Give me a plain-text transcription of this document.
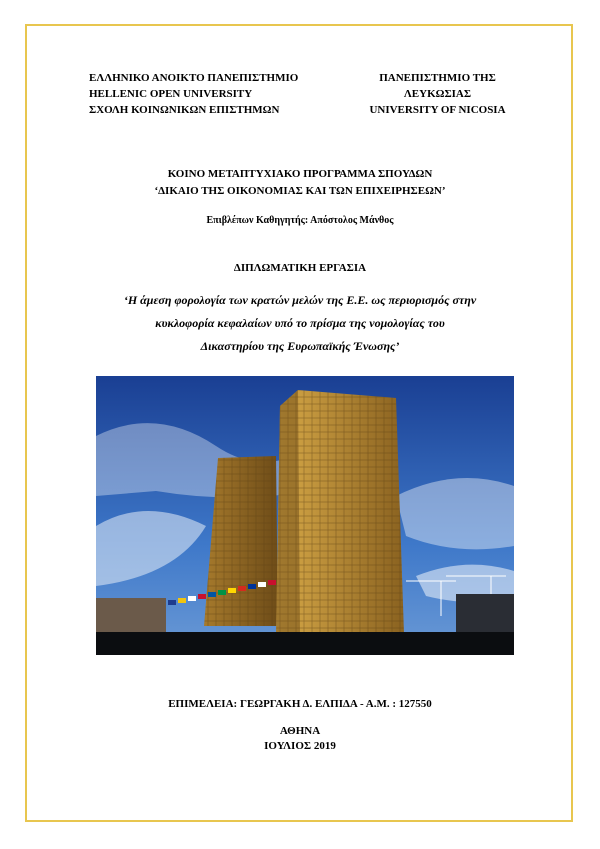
ΕΛΛΗΝΙΚΟ ΑΝΟΙΚΤΟ ΠΑΝΕΠΙΣΤΗΜΙΟ
HELLENIC OPEN UNIVERSITY
ΣΧΟΛΗ ΚΟΙΝΩΝΙΚΩΝ ΕΠΙΣΤΗΜΩΝ
ΠΑΝΕΠΙΣΤΗΜΙΟ ΤΗΣ
ΛΕΥΚΩΣΙΑΣ
UNIVERSITY OF NICOSIA
ΚΟΙΝΟ ΜΕΤΑΠΤΥΧΙΑΚΟ ΠΡΟΓΡΑΜΜΑ ΣΠΟΥΔΩΝ
‘ΔΙΚΑΙΟ ΤΗΣ ΟΙΚΟΝΟΜΙΑΣ ΚΑΙ ΤΩΝ ΕΠΙΧΕΙΡΗΣΕΩΝ’
Επιβλέπων Καθηγητής: Απόστολος Μάνθος
ΔΙΠΛΩΜΑΤΙΚΗ ΕΡΓΑΣΙΑ
‘Η άμεση φορολογία των κρατών μελών της Ε.Ε. ως περιορισμός στην
κυκλοφορία κεφαλαίων υπό το πρίσμα της νομολογίας του
Δικαστηρίου της Ευρωπαϊκής Ένωσης’
ΕΠΙΜΕΛΕΙΑ: ΓΕΩΡΓΑΚΗ Δ. ΕΛΠΙΔΑ - Α.Μ. : 127550
ΑΘΗΝΑ
ΙΟΥΛΙΟΣ 2019
